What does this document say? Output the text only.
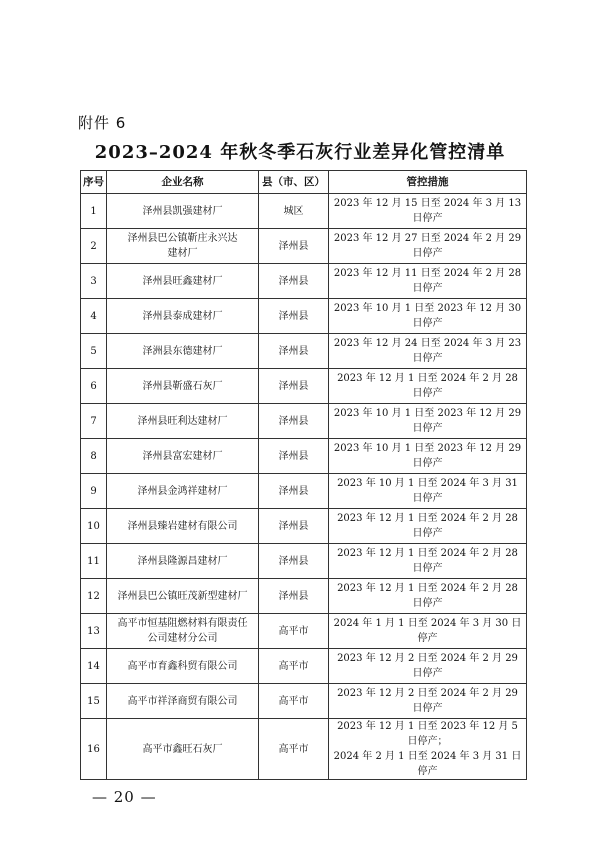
附件 6
2023–2024 年秋冬季石灰行业差异化管控清单
序号	企业名称	县（市、区）	管控措施
1	泽州县凯强建材厂	城区	2023 年 12 月 15 日至 2024 年 3 月 13 日停产

2	泽州县巴公镇靳庄永兴达
建材厂	泽州县	2023 年 12 月 27 日至 2024 年 2 月 29 日停产

3	泽州县旺鑫建材厂	泽州县	2023 年 12 月 11 日至 2024 年 2 月 28 日停产

4	泽州县泰成建材厂	泽州县	2023 年 10 月 1 日至 2023 年 12 月 30 日停产

5	泽洲县东德建材厂	泽州县	2023 年 12 月 24 日至 2024 年 3 月 23 日停产

6	泽州县靳盛石灰厂	泽州县	2023 年 12 月 1 日至 2024 年 2 月 28 日停产

7	泽州县旺利达建材厂	泽州县	2023 年 10 月 1 日至 2023 年 12 月 29 日停产

8	泽州县富宏建材厂	泽州县	2023 年 10 月 1 日至 2023 年 12 月 29 日停产

9	泽州县金鸿祥建材厂	泽州县	2023 年 10 月 1 日至 2024 年 3 月 31 日停产

10	泽州县臻岩建材有限公司	泽州县	2023 年 12 月 1 日至 2024 年 2 月 28 日停产

11	泽州县隆源昌建材厂	泽州县	2023 年 12 月 1 日至 2024 年 2 月 28 日停产

12	泽州县巴公镇旺茂新型建材厂	泽州县	2023 年 12 月 1 日至 2024 年 2 月 28 日停产

13	高平市恒基阻燃材料有限责任
公司建材分公司	高平市	2024 年 1 月 1 日至 2024 年 3 月 30 日停产

14	高平市育鑫科贸有限公司	高平市	2023 年 12 月 2 日至 2024 年 2 月 29 日停产

15	高平市祥泽商贸有限公司	高平市	2023 年 12 月 2 日至 2024 年 2 月 29 日停产

16	高平市鑫旺石灰厂	高平市	2023 年 12 月 1 日至 2023 年 12 月 5 日停产；
2024 年 2 月 1 日至 2024 年 3 月 31 日停产
— 20 —
